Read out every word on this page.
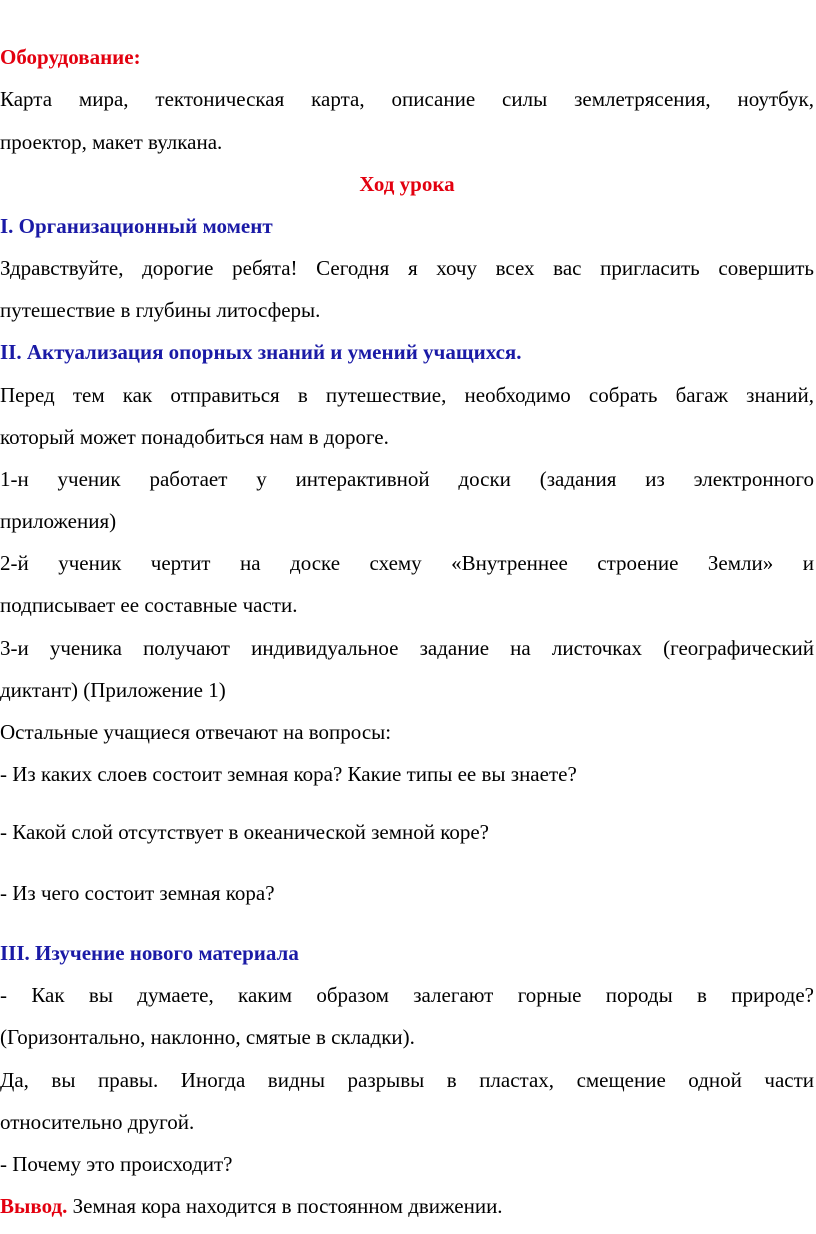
Оборудование:
Карта мира, тектоническая карта, описание силы землетрясения, ноутбук,
проектор, макет вулкана.
Ход урока
I. Организационный момент
Здравствуйте, дорогие ребята! Сегодня я хочу всех вас пригласить совершить
путешествие в глубины литосферы.
II. Актуализация опорных знаний и умений учащихся.
Перед тем как отправиться в путешествие, необходимо собрать багаж знаний,
который может понадобиться нам в дороге.
1-н ученик работает у интерактивной доски (задания из электронного
приложения)
2-й ученик чертит на доске схему «Внутреннее строение Земли» и
подписывает ее составные части.
3-и ученика получают индивидуальное задание на листочках (географический
диктант) (Приложение 1)
Остальные учащиеся отвечают на вопросы:
- Из каких слоев состоит земная кора? Какие типы ее вы знаете?
- Какой слой отсутствует в океанической земной коре?
- Из чего состоит земная кора?
III. Изучение нового материала
- Как вы думаете, каким образом залегают горные породы в природе?
(Горизонтально, наклонно, смятые в складки).
Да, вы правы. Иногда видны разрывы в пластах, смещение одной части
относительно другой.
- Почему это происходит?
Вывод. Земная кора находится в постоянном движении.
